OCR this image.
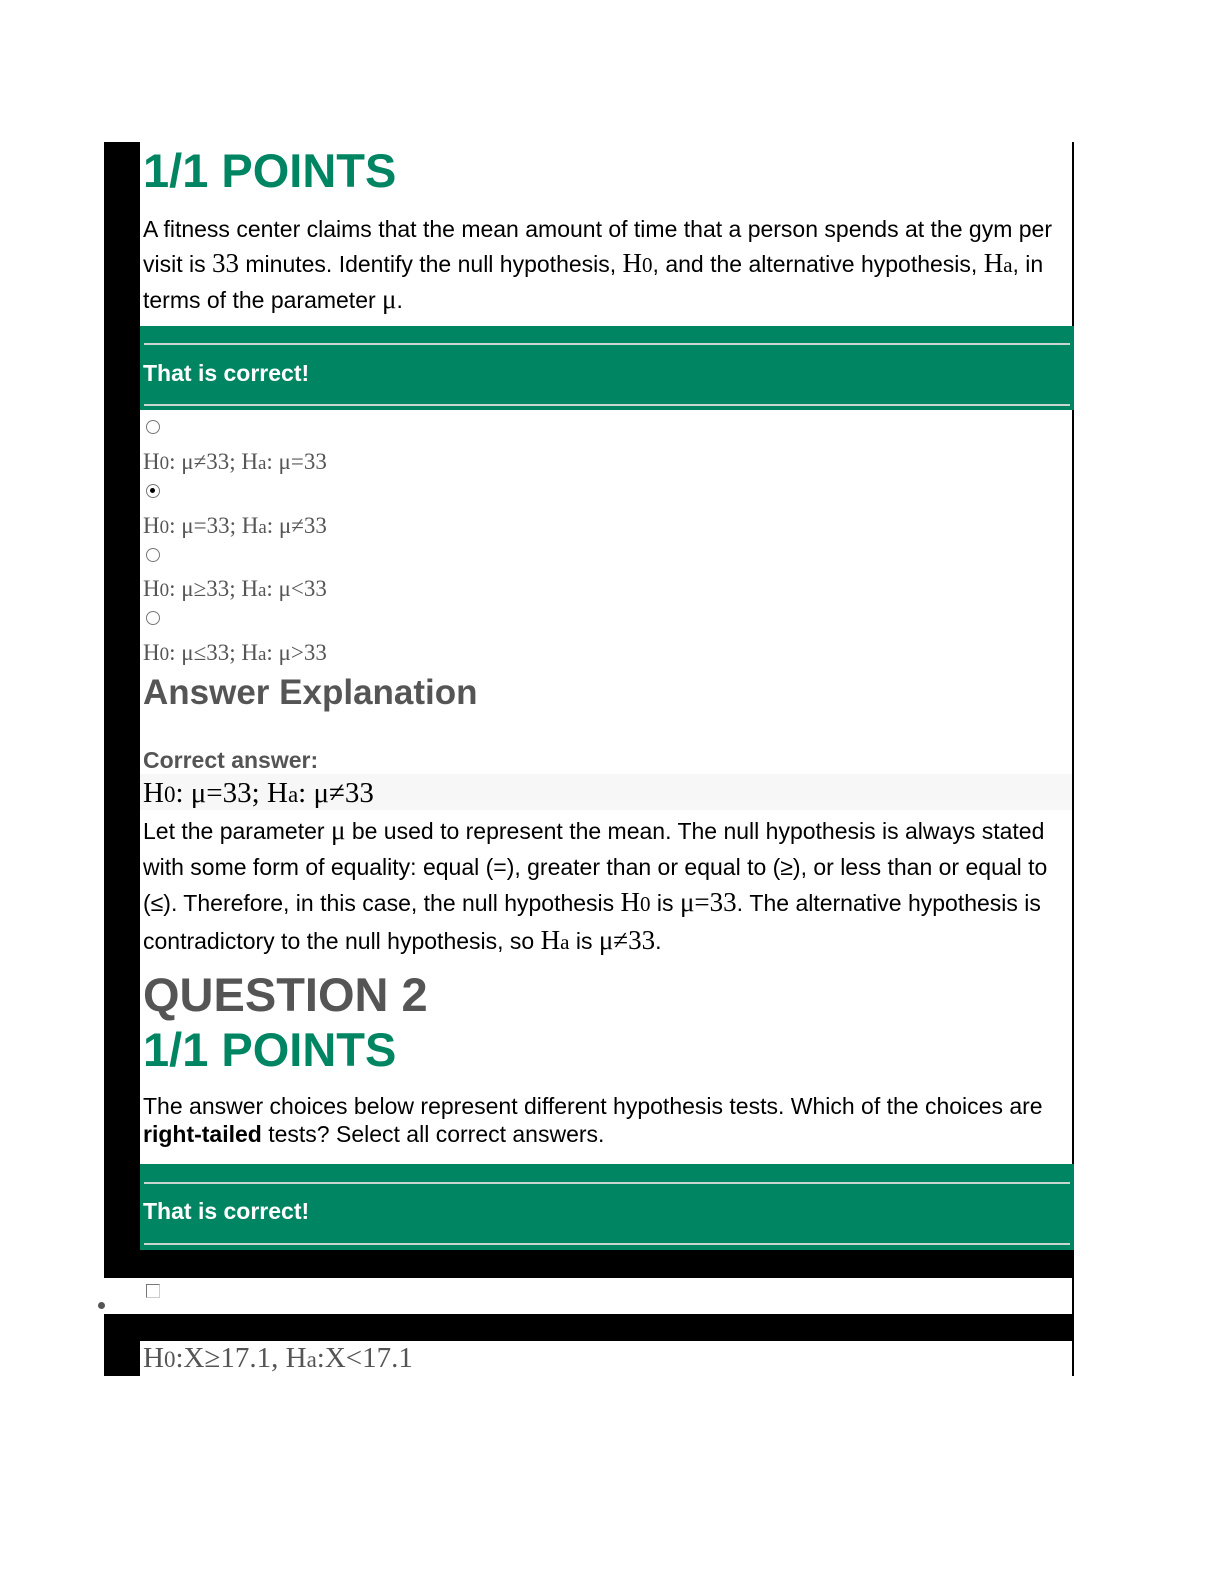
1/1 POINTS
A fitness center claims that the mean amount of time that a person spends at the gym per visit is 33 minutes. Identify the null hypothesis, H0, and the alternative hypothesis, Ha, in terms of the parameter μ.
That is correct!
H0: μ≠33; Ha: μ=33
H0: μ=33; Ha: μ≠33
H0: μ≥33; Ha: μ<33
H0: μ≤33; Ha: μ>33
Answer Explanation
Correct answer:
H0: μ=33; Ha: μ≠33
Let the parameter μ be used to represent the mean. The null hypothesis is always stated with some form of equality: equal (=), greater than or equal to (≥), or less than or equal to (≤). Therefore, in this case, the null hypothesis H0 is μ=33. The alternative hypothesis is contradictory to the null hypothesis, so Ha is μ≠33.
QUESTION 2
1/1 POINTS
The answer choices below represent different hypothesis tests. Which of the choices are right-tailed tests? Select all correct answers.
That is correct!
H0:X≥17.1, Ha:X<17.1
